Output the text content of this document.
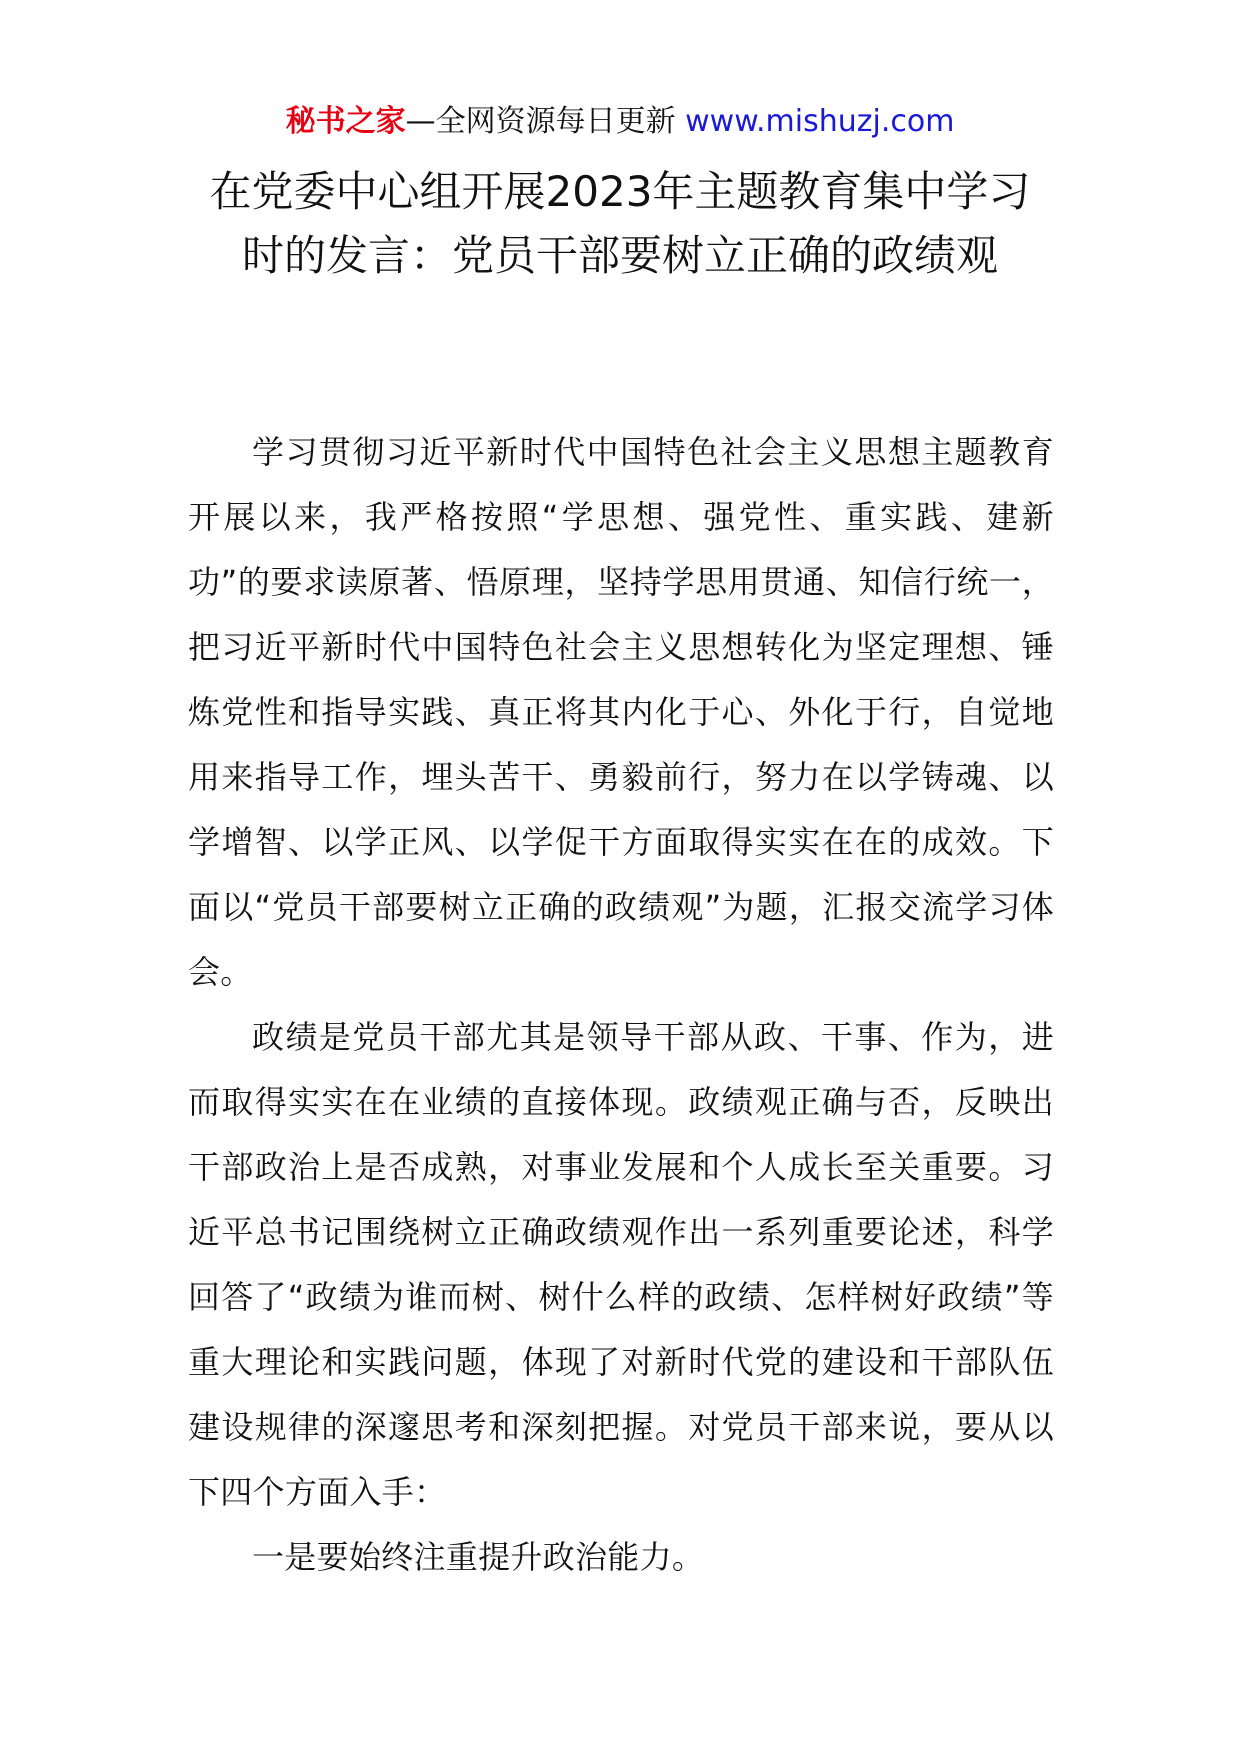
秘书之家—全网资源每日更新 www.mishuzj.com
在党委中心组开展2023年主题教育集中学习时的发言：党员干部要树立正确的政绩观

学习贯彻习近平新时代中国特色社会主义思想主题教育开展以来，我严格按照“学思想、强党性、重实践、建新功”的要求读原著、悟原理，坚持学思用贯通、知信行统一，把习近平新时代中国特色社会主义思想转化为坚定理想、锤炼党性和指导实践、真正将其内化于心、外化于行，自觉地用来指导工作，埋头苦干、勇毅前行，努力在以学铸魂、以学增智、以学正风、以学促干方面取得实实在在的成效。下面以“党员干部要树立正确的政绩观”为题，汇报交流学习体会。

政绩是党员干部尤其是领导干部从政、干事、作为，进而取得实实在在业绩的直接体现。政绩观正确与否，反映出干部政治上是否成熟，对事业发展和个人成长至关重要。习近平总书记围绕树立正确政绩观作出一系列重要论述，科学回答了“政绩为谁而树、树什么样的政绩、怎样树好政绩”等重大理论和实践问题，体现了对新时代党的建设和干部队伍建设规律的深邃思考和深刻把握。对党员干部来说，要从以下四个方面入手：

一是要始终注重提升政治能力。
